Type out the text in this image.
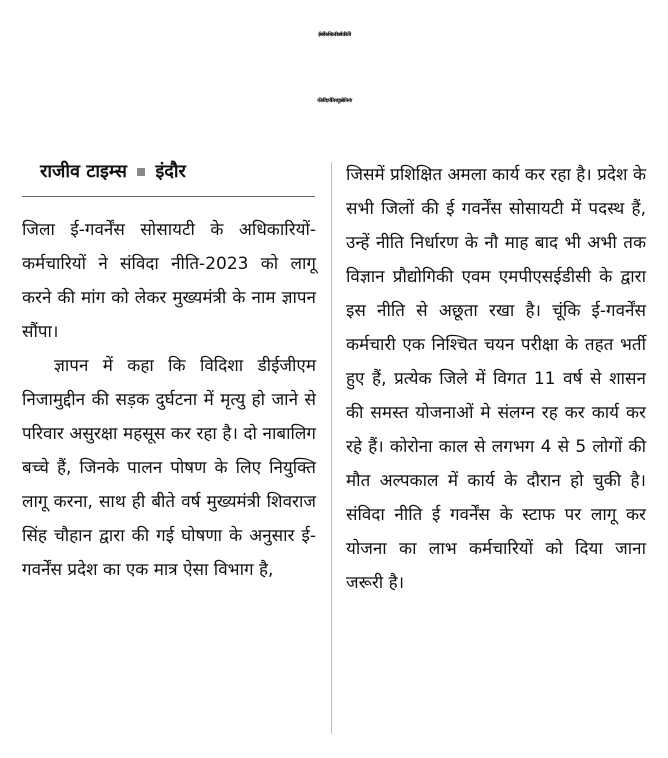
ई-गवर्नेंस अधिकारी-कर्मचारियों ने
की संविदा नीति लागू करने की मांग
राजीव टाइम्स इंदौर

जिला ई-गवर्नेंस सोसायटी के अधिकारियों-कर्मचारियों ने संविदा नीति-2023 को लागू करने की मांग को लेकर मुख्यमंत्री के नाम ज्ञापन सौंपा।

ज्ञापन में कहा कि विदिशा डीईजीएम निजामुद्दीन की सड़क दुर्घटना में मृत्यु हो जाने से परिवार असुरक्षा महसूस कर रहा है। दो नाबालिग बच्चे हैं, जिनके पालन पोषण के लिए नियुक्ति लागू करना, साथ ही बीते वर्ष मुख्यमंत्री शिवराज सिंह चौहान द्वारा की गई घोषणा के अनुसार ई-गवर्नेंस प्रदेश का एक मात्र ऐसा विभाग है,

जिसमें प्रशिक्षित अमला कार्य कर रहा है। प्रदेश के सभी जिलों की ई गवर्नेंस सोसायटी में पदस्थ हैं, उन्हें नीति निर्धारण के नौ माह बाद भी अभी तक विज्ञान प्रौद्योगिकी एवम एमपीएसईडीसी के द्वारा इस नीति से अछूता रखा है। चूंकि ई-गवर्नेंस कर्मचारी एक निश्चित चयन परीक्षा के तहत भर्ती हुए हैं, प्रत्येक जिले में विगत 11 वर्ष से शासन की समस्त योजनाओं मे संलग्न रह कर कार्य कर रहे हैं। कोरोना काल से लगभग 4 से 5 लोगों की मौत अल्पकाल में कार्य के दौरान हो चुकी है। संविदा नीति ई गवर्नेंस के स्टाफ पर लागू कर योजना का लाभ कर्मचारियों को दिया जाना जरूरी है।
